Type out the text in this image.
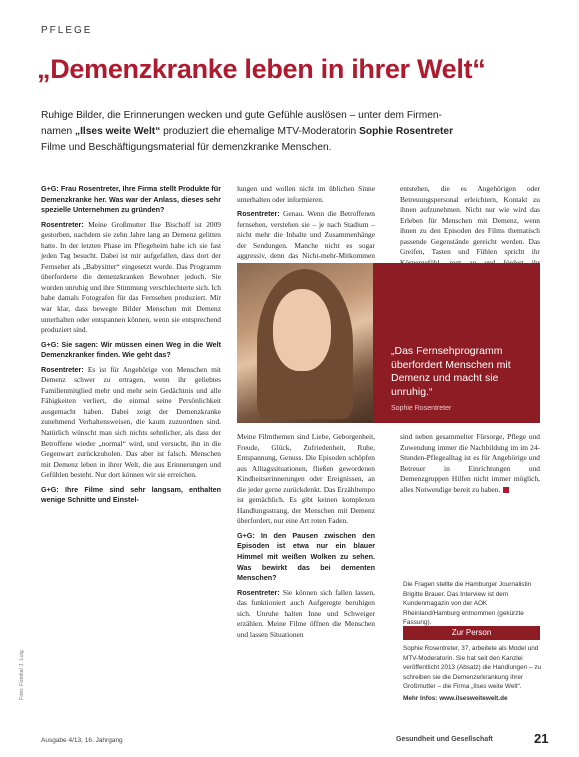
PFLEGE
„Demenzkranke leben in ihrer Welt“
Ruhige Bilder, die Erinnerungen wecken und gute Gefühle auslösen – unter dem Firmen-
namen „Ilses weite Welt“ produziert die ehemalige MTV-Moderatorin Sophie Rosentreter
Filme und Beschäftigungsmaterial für demenzkranke Menschen.

G+G: Frau Rosentreter, Ihre Firma stellt Produkte für Demenzkranke her. Was war der Anlass, dieses sehr spezielle Unternehmen zu gründen?

Rosentreter: Meine Großmutter Ilse Bischoff ist 2009 gestorben, nachdem sie zehn Jahre lang an Demenz gelitten hatte. In der letzten Phase im Pflegeheim habe ich sie fast jeden Tag besucht. Dabei ist mir aufgefallen, dass dort der Fernseher als „Babysitter“ eingesetzt wurde. Das Programm überforderte die demenzkranken Bewohner jedoch. Sie wurden unruhig und ihre Stimmung verschlechterte sich. Ich habe damals Fotografen für das Fernsehen produziert. Mir war klar, dass bewegte Bilder Menschen mit Demenz unterhalten oder entspannen können, wenn sie entsprechend produziert sind.

G+G: Sie sagen: Wir müssen einen Weg in die Welt Demenzkranker finden. Wie geht das?

Rosentreter: Es ist für Angehörige von Menschen mit Demenz schwer zu ertragen, wenn ihr geliebtes Familienmitglied mehr und mehr sein Gedächtnis und alle Fähigkeiten verliert, die einmal seine Persönlichkeit ausgemacht haben. Dabei zeigt der Demenzkranke zunehmend Verhaltensweisen, die kaum zuzuordnen sind. Natürlich wünscht man sich nichts sehnlicher, als dass der Betroffene wieder „normal“ wird, und versucht, ihn in die Gegenwart zurückzuholen. Das aber ist falsch. Menschen mit Demenz leben in ihrer Welt, die aus Erinnerungen und Gefühlen besteht. Nur dort können wir sie erreichen.

G+G: Ihre Filme sind sehr langsam, enthalten wenige Schnitte und Einstel-

lungen und wollen nicht im üblichen Sinne unterhalten oder informieren.

Rosentreter: Genau. Wenn die Betroffenen fernsehen, verstehen sie – je nach Stadium – nicht mehr die Inhalte und Zusammenhänge der Sendungen. Manche nicht es sogar aggressiv, denn das Nicht-mehr-Mitkommen

entstehen, die es Angehörigen oder Betreuungspersonal erleichtern, Kontakt zu ihnen aufzunehmen. Nicht nur wie wird das Erleben für Menschen mit Demenz, wenn ihnen zu den Episoden des Films thematisch passende Gegenstände gereicht werden. Das Greifen, Tasten und Fühlen spricht ihr
„Das Fernsehprogramm überfordert Menschen mit Demenz und macht sie unruhig.“
Sophie Rosentreter

Meine Filmthemen sind Liebe, Geborgenheit, Freude, Glück, Zufriedenheit, Ruhe, Entspannung, Genuss. Die Episoden schöpfen aus Alltagssituationen, fließen gewordenen Kindheitserinnerungen oder Ereignissen, an die jeder gerne zurückdenkt. Das Erzähltempo ist gemächlich. Es gibt keinen komplexen Handlungsstrang, der Menschen mit Demenz überfordert, nur eine Art roten Faden.

G+G: In den Pausen zwischen den Episoden ist etwa nur ein blauer Himmel mit weißen Wolken zu sehen. Was bewirkt das bei dementen Menschen?

Rosentreter: Sie können sich fallen lassen, das funktioniert auch Aufgeregte beruhigen sich. Unruhe halten Inne und Schweiger erzählen. Meine Filme öffnen die Menschen und lassen Situationen

sind neben gesammelter Fürsorge, Pflege und Zuwendung immer die Nachbildung im im 24-Stunden-Pflegealltag ist es für Angehörige und Betreuer in Einrichtungen und Demenzgruppen Hilfen nicht immer möglich, alles Notwendige bereit zu haben.

Die Fragen stellte die Hamburger Journalistin Brigitte Brauer. Das Interview ist dem Kundenmagazin von der AOK Rheinland/Hamburg entnommen (gekürzte Fassung).
Zur Person
Sophie Rosentreter, 37, arbeitete als Model und MTV-Moderatorin. Sie hat seit den Kanzlei veröffentlicht 2013 (Absatz) die Handlungen – zu schreiben sie die Demenzerkrankung ihrer Großmutter – die Firma „Ilses weite Welt“.
Mehr Infos: www.ilsesweitewelt.de
Foto: Fotolia/ J. Luig
Ausgabe 4/13, 16. Jahrgang	Gesundheit und Gesellschaft	21
